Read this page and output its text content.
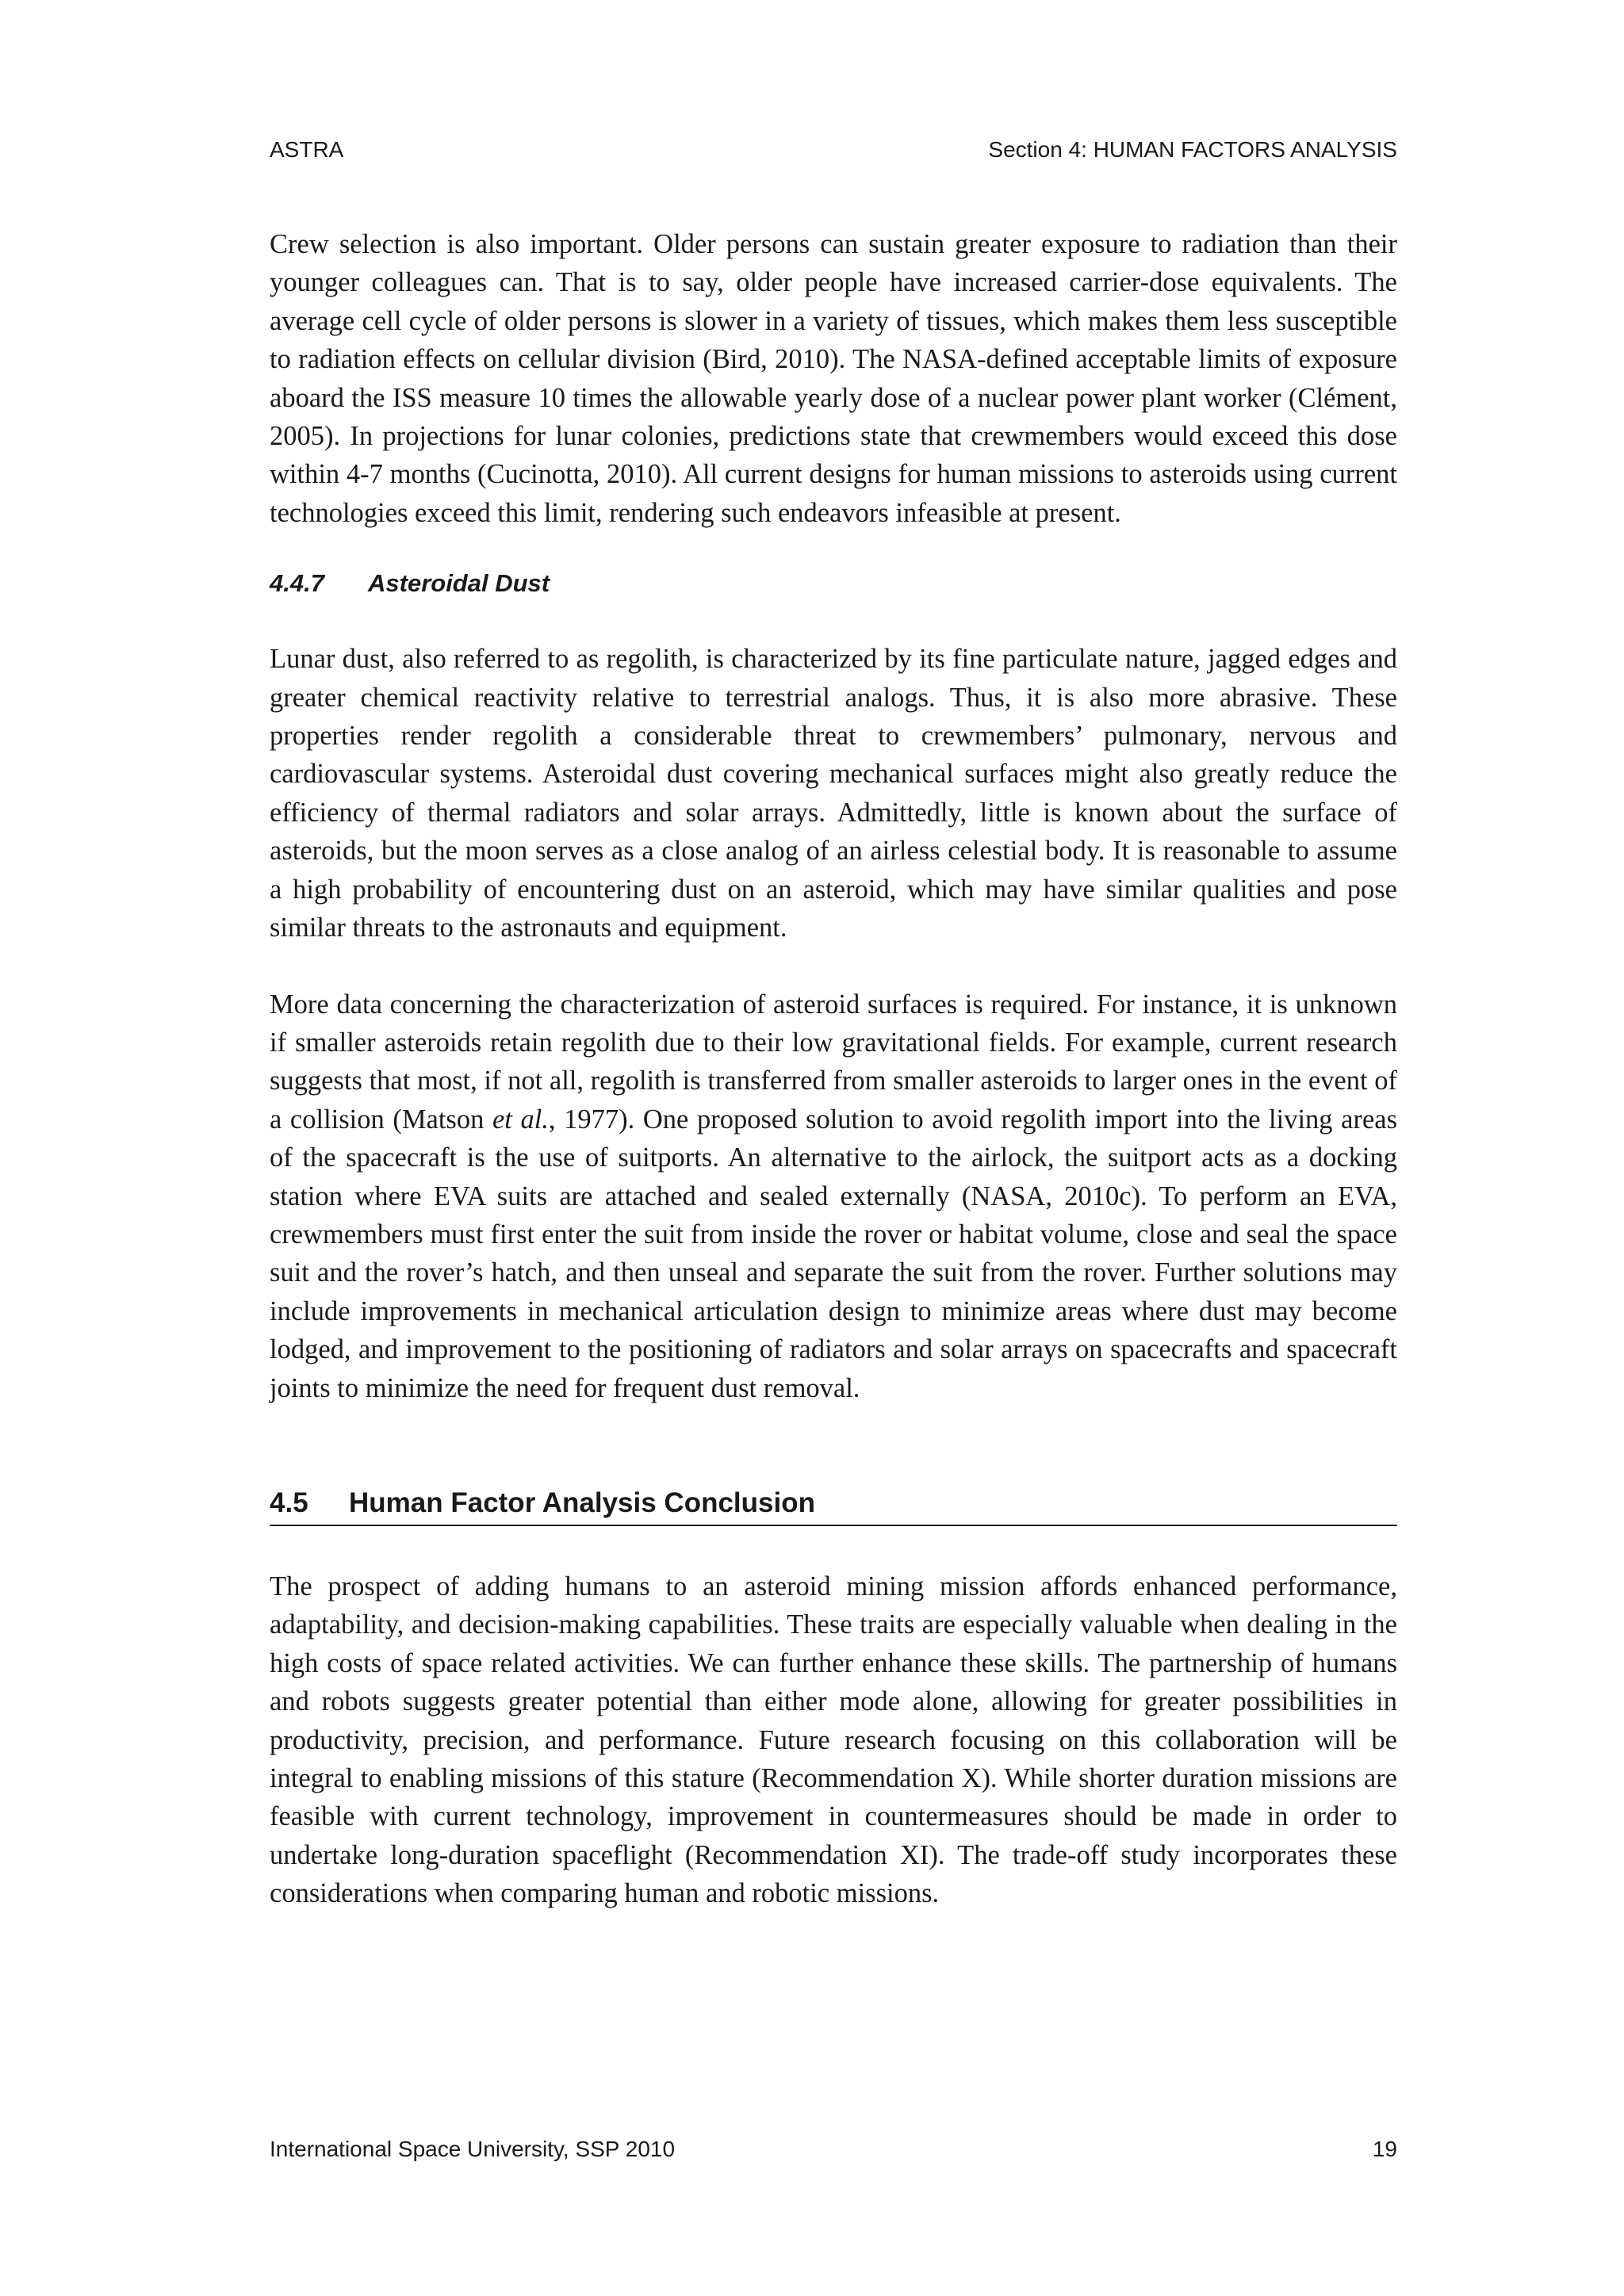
ASTRA	Section 4: HUMAN FACTORS ANALYSIS

Crew selection is also important. Older persons can sustain greater exposure to radiation than their younger colleagues can. That is to say, older people have increased carrier-dose equivalents. The average cell cycle of older persons is slower in a variety of tissues, which makes them less susceptible to radiation effects on cellular division (Bird, 2010). The NASA-defined acceptable limits of exposure aboard the ISS measure 10 times the allowable yearly dose of a nuclear power plant worker (Clément, 2005). In projections for lunar colonies, predictions state that crewmembers would exceed this dose within 4-7 months (Cucinotta, 2010). All current designs for human missions to asteroids using current technologies exceed this limit, rendering such endeavors infeasible at present.

4.4.7 Asteroidal Dust

Lunar dust, also referred to as regolith, is characterized by its fine particulate nature, jagged edges and greater chemical reactivity relative to terrestrial analogs. Thus, it is also more abrasive. These properties render regolith a considerable threat to crewmembers’ pulmonary, nervous and cardiovascular systems. Asteroidal dust covering mechanical surfaces might also greatly reduce the efficiency of thermal radiators and solar arrays. Admittedly, little is known about the surface of asteroids, but the moon serves as a close analog of an airless celestial body. It is reasonable to assume a high probability of encountering dust on an asteroid, which may have similar qualities and pose similar threats to the astronauts and equipment.

More data concerning the characterization of asteroid surfaces is required. For instance, it is unknown if smaller asteroids retain regolith due to their low gravitational fields. For example, current research suggests that most, if not all, regolith is transferred from smaller asteroids to larger ones in the event of a collision (Matson et al., 1977). One proposed solution to avoid regolith import into the living areas of the spacecraft is the use of suitports. An alternative to the airlock, the suitport acts as a docking station where EVA suits are attached and sealed externally (NASA, 2010c). To perform an EVA, crewmembers must first enter the suit from inside the rover or habitat volume, close and seal the space suit and the rover’s hatch, and then unseal and separate the suit from the rover. Further solutions may include improvements in mechanical articulation design to minimize areas where dust may become lodged, and improvement to the positioning of radiators and solar arrays on spacecrafts and spacecraft joints to minimize the need for frequent dust removal.

4.5 Human Factor Analysis Conclusion

The prospect of adding humans to an asteroid mining mission affords enhanced performance, adaptability, and decision-making capabilities. These traits are especially valuable when dealing in the high costs of space related activities. We can further enhance these skills. The partnership of humans and robots suggests greater potential than either mode alone, allowing for greater possibilities in productivity, precision, and performance. Future research focusing on this collaboration will be integral to enabling missions of this stature (Recommendation X). While shorter duration missions are feasible with current technology, improvement in countermeasures should be made in order to undertake long-duration spaceflight (Recommendation XI). The trade-off study incorporates these considerations when comparing human and robotic missions.

International Space University, SSP 2010	19
